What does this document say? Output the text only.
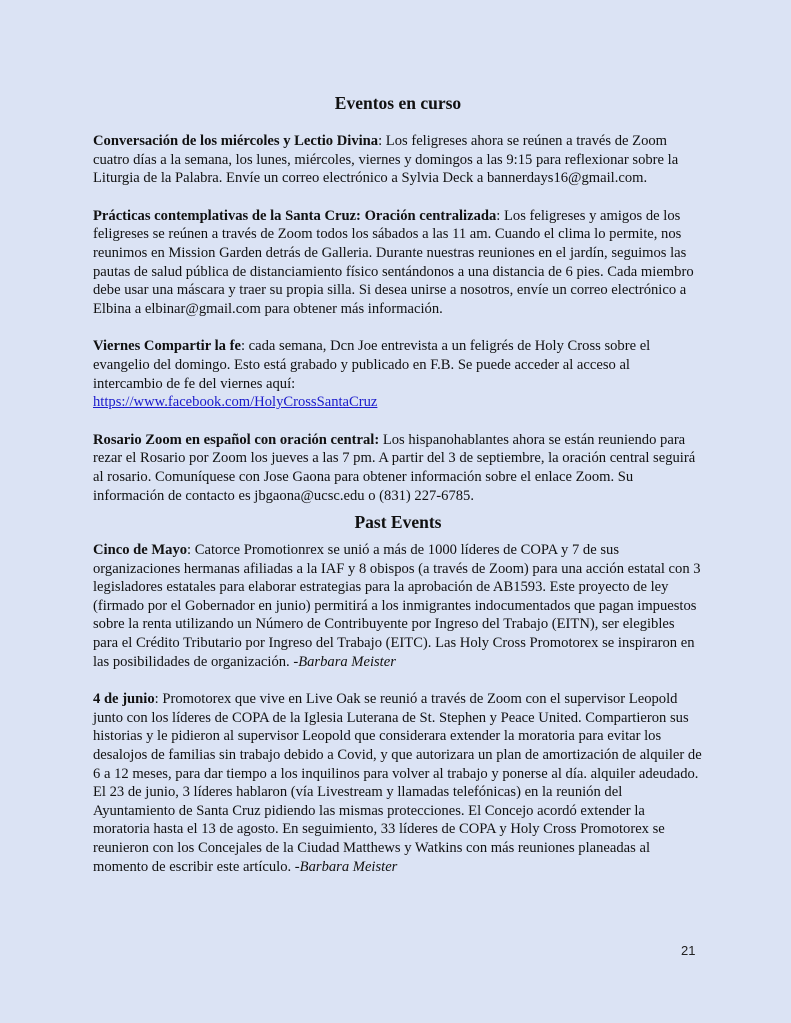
Eventos en curso

Conversación de los miércoles y Lectio Divina: Los feligreses ahora se reúnen a través de Zoom cuatro días a la semana, los lunes, miércoles, viernes y domingos a las 9:15 para reflexionar sobre la Liturgia de la Palabra. Envíe un correo electrónico a Sylvia Deck a bannerdays16@gmail.com.

Prácticas contemplativas de la Santa Cruz: Oración centralizada: Los feligreses y amigos de los feligreses se reúnen a través de Zoom todos los sábados a las 11 am. Cuando el clima lo permite, nos reunimos en Mission Garden detrás de Galleria. Durante nuestras reuniones en el jardín, seguimos las pautas de salud pública de distanciamiento físico sentándonos a una distancia de 6 pies. Cada miembro debe usar una máscara y traer su propia silla. Si desea unirse a nosotros, envíe un correo electrónico a Elbina a elbinar@gmail.com para obtener más información.

Viernes Compartir la fe: cada semana, Dcn Joe entrevista a un feligrés de Holy Cross sobre el evangelio del domingo. Esto está grabado y publicado en F.B. Se puede acceder al acceso al intercambio de fe del viernes aquí:
https://www.facebook.com/HolyCrossSantaCruz

Rosario Zoom en español con oración central: Los hispanohablantes ahora se están reuniendo para rezar el Rosario por Zoom los jueves a las 7 pm. A partir del 3 de septiembre, la oración central seguirá al rosario. Comuníquese con Jose Gaona para obtener información sobre el enlace Zoom. Su información de contacto es jbgaona@ucsc.edu o (831) 227-6785.

Past Events

Cinco de Mayo: Catorce Promotionrex se unió a más de 1000 líderes de COPA y 7 de sus organizaciones hermanas afiliadas a la IAF y 8 obispos (a través de Zoom) para una acción estatal con 3 legisladores estatales para elaborar estrategias para la aprobación de AB1593. Este proyecto de ley (firmado por el Gobernador en junio) permitirá a los inmigrantes indocumentados que pagan impuestos sobre la renta utilizando un Número de Contribuyente por Ingreso del Trabajo (EITN), ser elegibles para el Crédito Tributario por Ingreso del Trabajo (EITC). Las Holy Cross Promotorex se inspiraron en las posibilidades de organización. -Barbara Meister

4 de junio: Promotorex que vive en Live Oak se reunió a través de Zoom con el supervisor Leopold junto con los líderes de COPA de la Iglesia Luterana de St. Stephen y Peace United. Compartieron sus historias y le pidieron al supervisor Leopold que considerara extender la moratoria para evitar los desalojos de familias sin trabajo debido a Covid, y que autorizara un plan de amortización de alquiler de 6 a 12 meses, para dar tiempo a los inquilinos para volver al trabajo y ponerse al día. alquiler adeudado. El 23 de junio, 3 líderes hablaron (vía Livestream y llamadas telefónicas) en la reunión del Ayuntamiento de Santa Cruz pidiendo las mismas protecciones. El Concejo acordó extender la moratoria hasta el 13 de agosto. En seguimiento, 33 líderes de COPA y Holy Cross Promotorex se reunieron con los Concejales de la Ciudad Matthews y Watkins con más reuniones planeadas al momento de escribir este artículo. -Barbara Meister

21
